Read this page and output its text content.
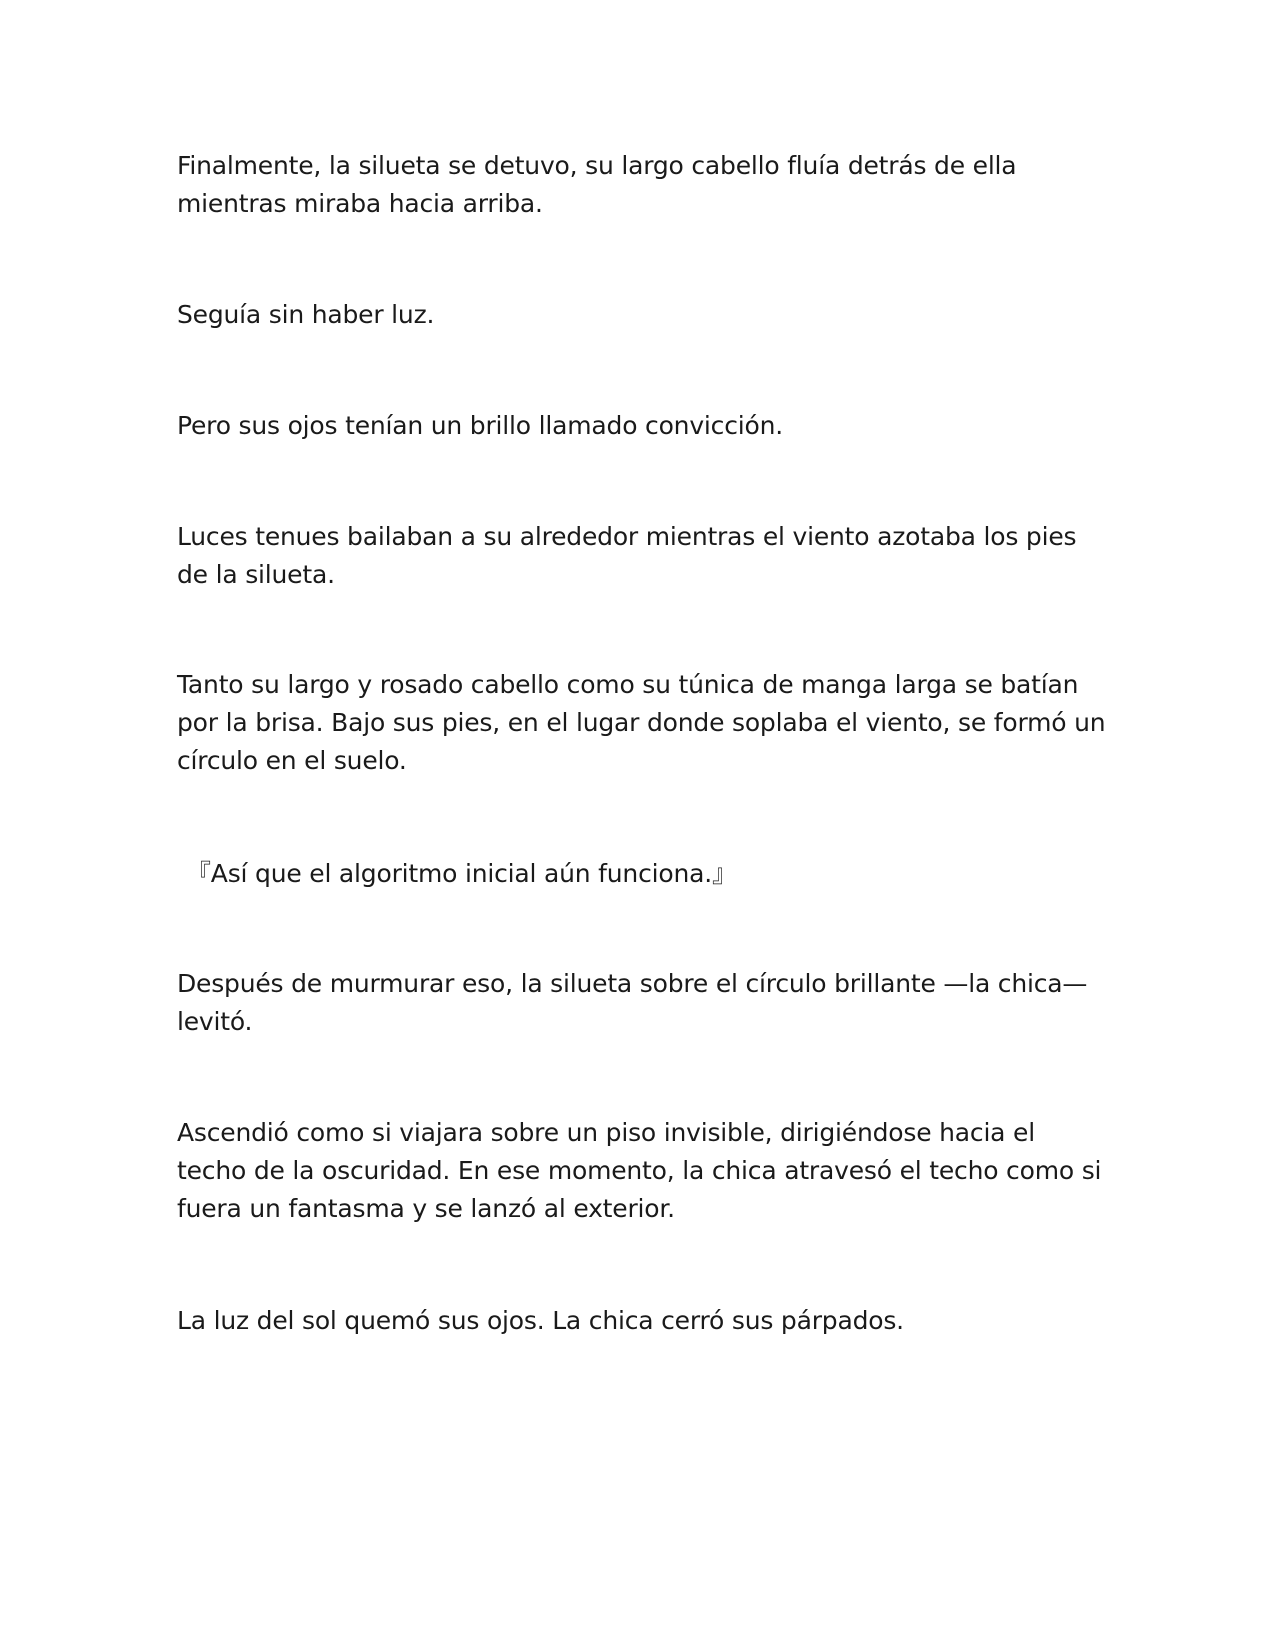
Finalmente, la silueta se detuvo, su largo cabello fluía detrás de ella mientras miraba hacia arriba.

Seguía sin haber luz.

Pero sus ojos tenían un brillo llamado convicción.

Luces tenues bailaban a su alrededor mientras el viento azotaba los pies de la silueta.

Tanto su largo y rosado cabello como su túnica de manga larga se batían por la brisa. Bajo sus pies, en el lugar donde soplaba el viento, se formó un círculo en el suelo.

『Así que el algoritmo inicial aún funciona.』

Después de murmurar eso, la silueta sobre el círculo brillante —la chica—levitó.

Ascendió como si viajara sobre un piso invisible, dirigiéndose hacia el techo de la oscuridad. En ese momento, la chica atravesó el techo como si fuera un fantasma y se lanzó al exterior.

La luz del sol quemó sus ojos. La chica cerró sus párpados.
